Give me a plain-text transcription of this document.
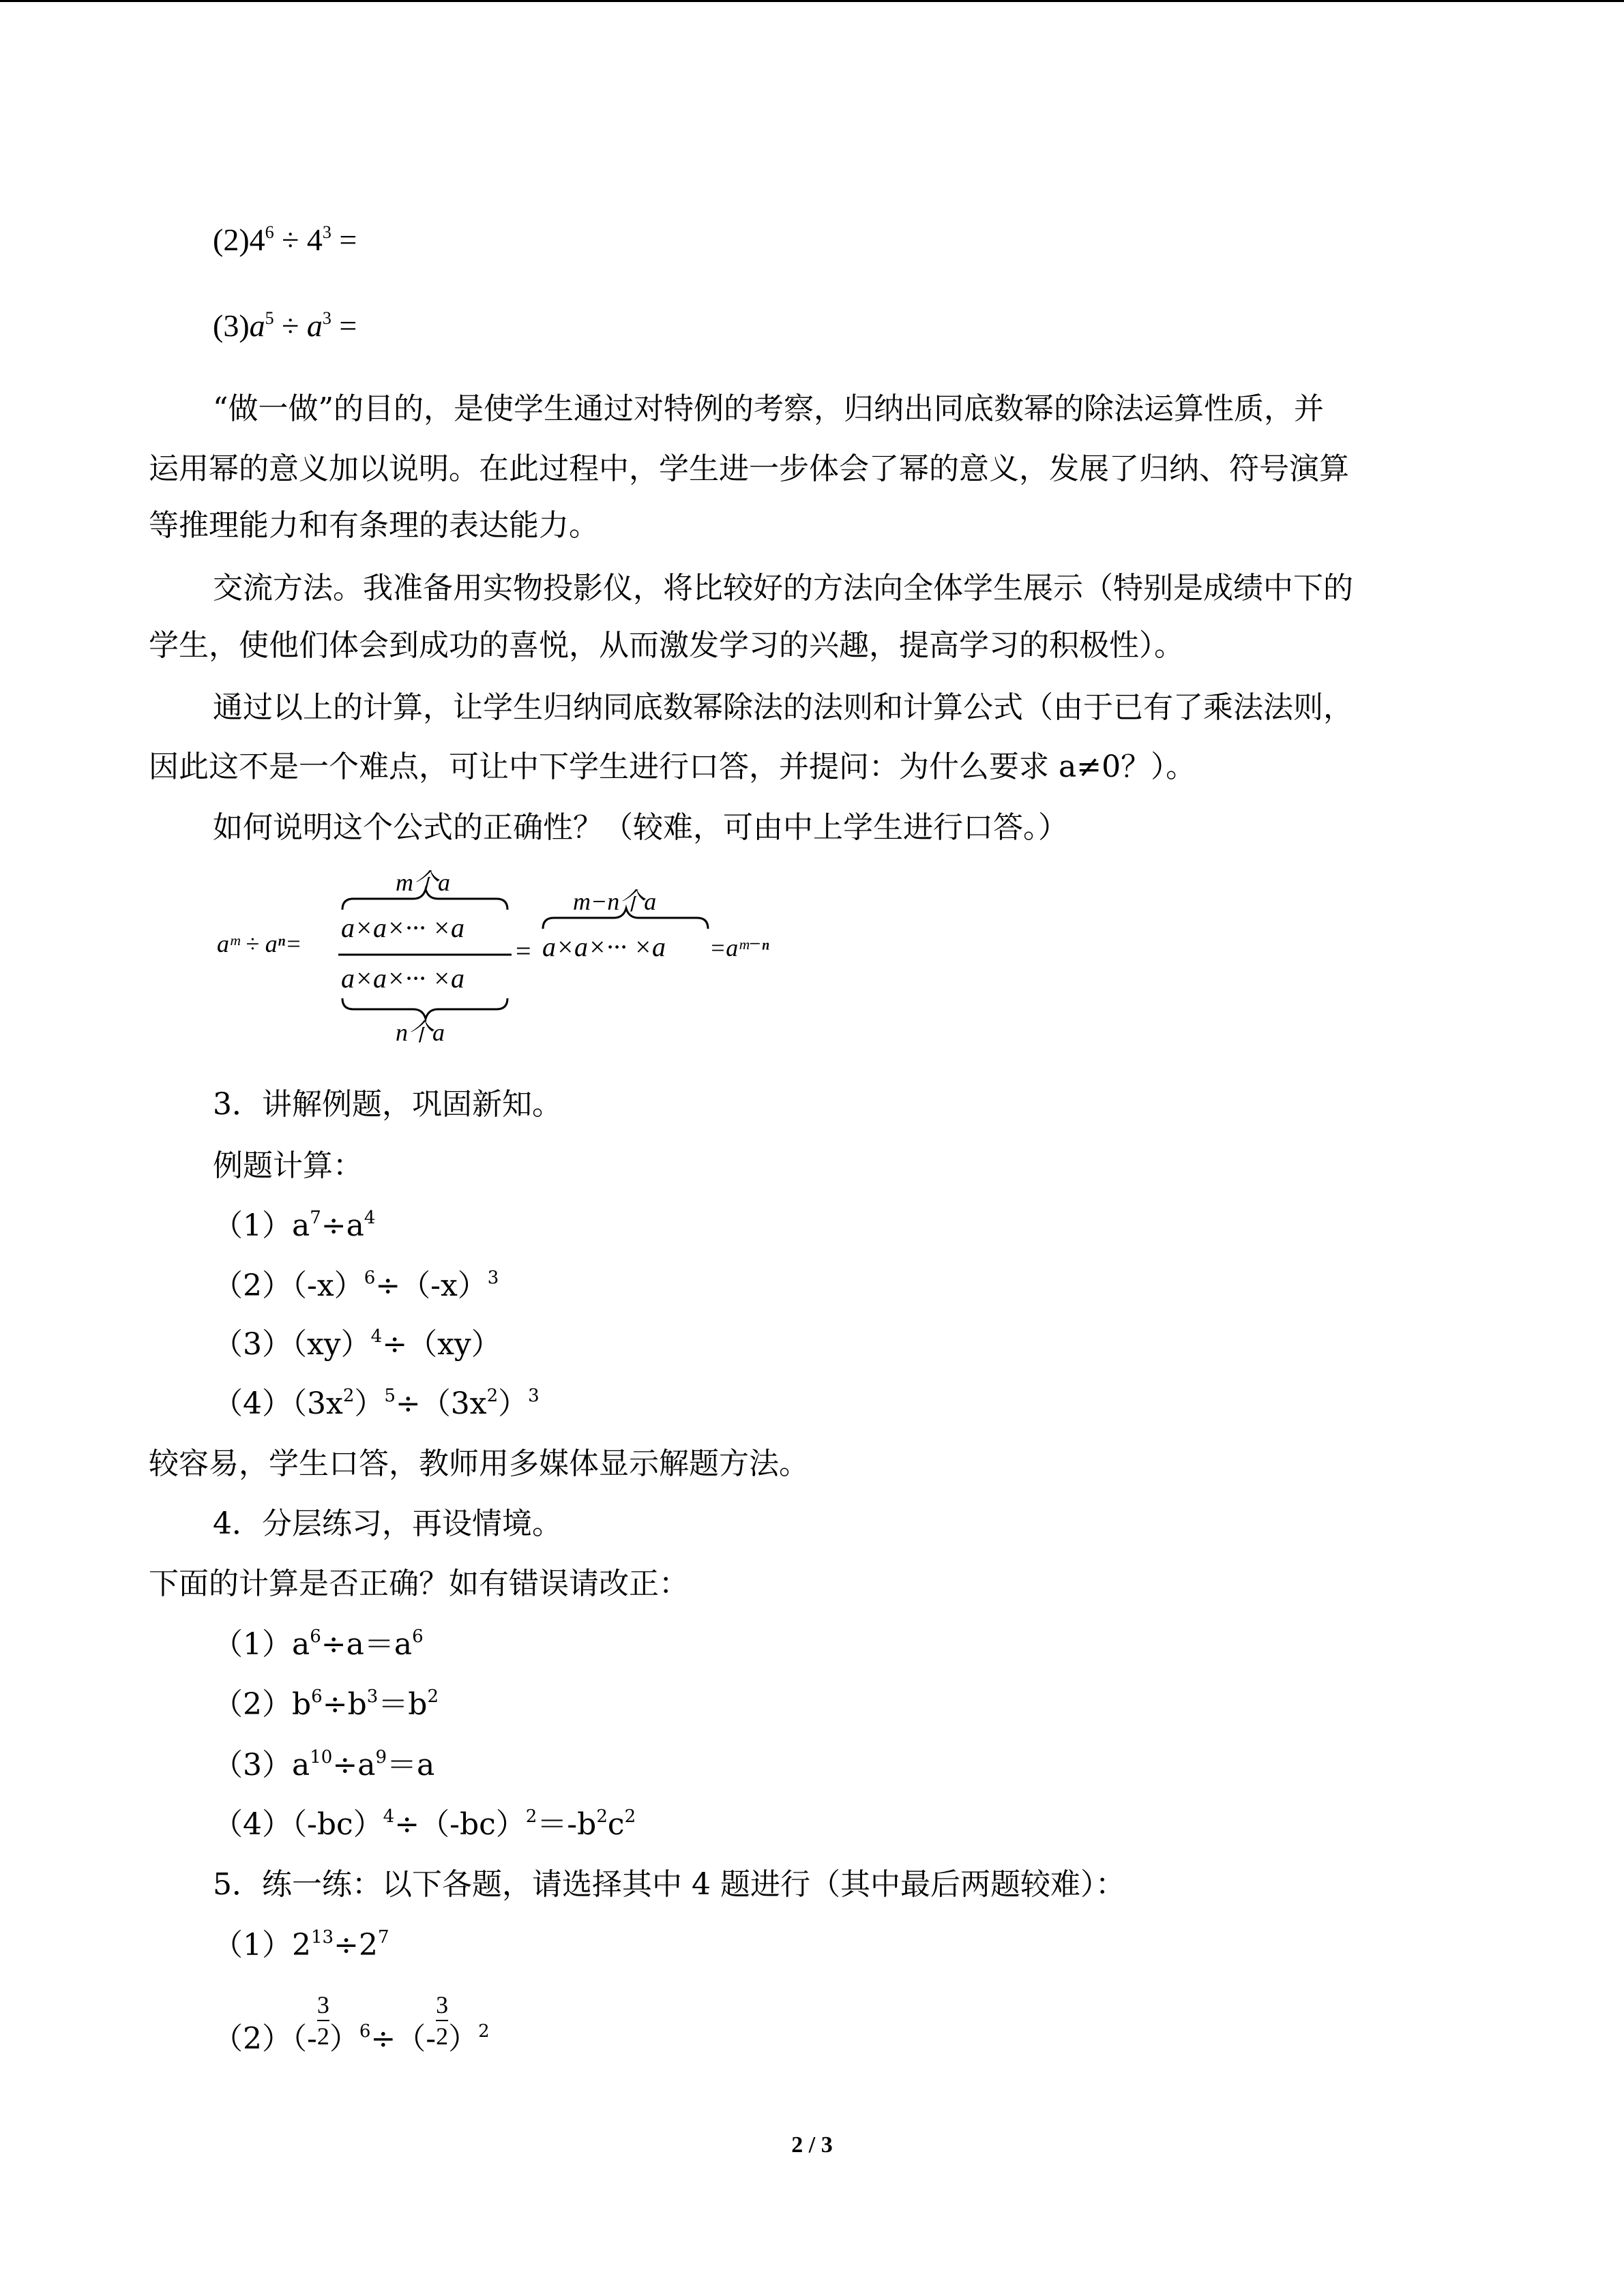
$(2)4^6 \div 4^3$ =
$(3)a^5 \div a^3$ =
“做一做”的目的，是使学生通过对特例的考察，归纳出同底数幂的除法运算性质，并
运用幂的意义加以说明。在此过程中，学生进一步体会了幂的意义，发展了归纳、符号演算
等推理能力和有条理的表达能力。
交流方法。我准备用实物投影仪，将比较好的方法向全体学生展示（特别是成绩中下的
学生，使他们体会到成功的喜悦，从而激发学习的兴趣，提高学习的积极性）。
通过以上的计算，让学生归纳同底数幂除法的法则和计算公式（由于已有了乘法法则，
因此这不是一个难点，可让中下学生进行口答，并提问：为什么要求 a≠0？）。
如何说明这个公式的正确性？（较难，可由中上学生进行口答。）
aᵐ ÷ aⁿ=
m个a
a×a×··· ×a
a×a×··· ×a
n个a
m−n个a
a×a×··· ×a =aᵐ⁻ⁿ
=
3．讲解例题，巩固新知。
例题计算：
$(1)a^7\div a^4$
$(2)(-x)^6\div(-x)^3$
（3）（xy）$^4$÷（xy）
$(4)(3x^2)^5\div(3x^2)^3$
较容易，学生口答，教师用多媒体显示解题方法。
4．分层练习，再设情境。
下面的计算是否正确？如有错误请改正：
$(1)a^6\div a=a^6$
$(2)b^6\div b^3=b^2$
$(3)a^{10}\div a^9=a$
$(4)(-bc)^4\div(-bc)^2=-b^2c^2$
5．练一练：以下各题，请选择其中 4 题进行（其中最后两题较难）：
$(1)2^{13}\div 2^7$
$(2)(- \frac{3}{2} )^6\div(- \frac{3}{2} )^2$
2 / 3
